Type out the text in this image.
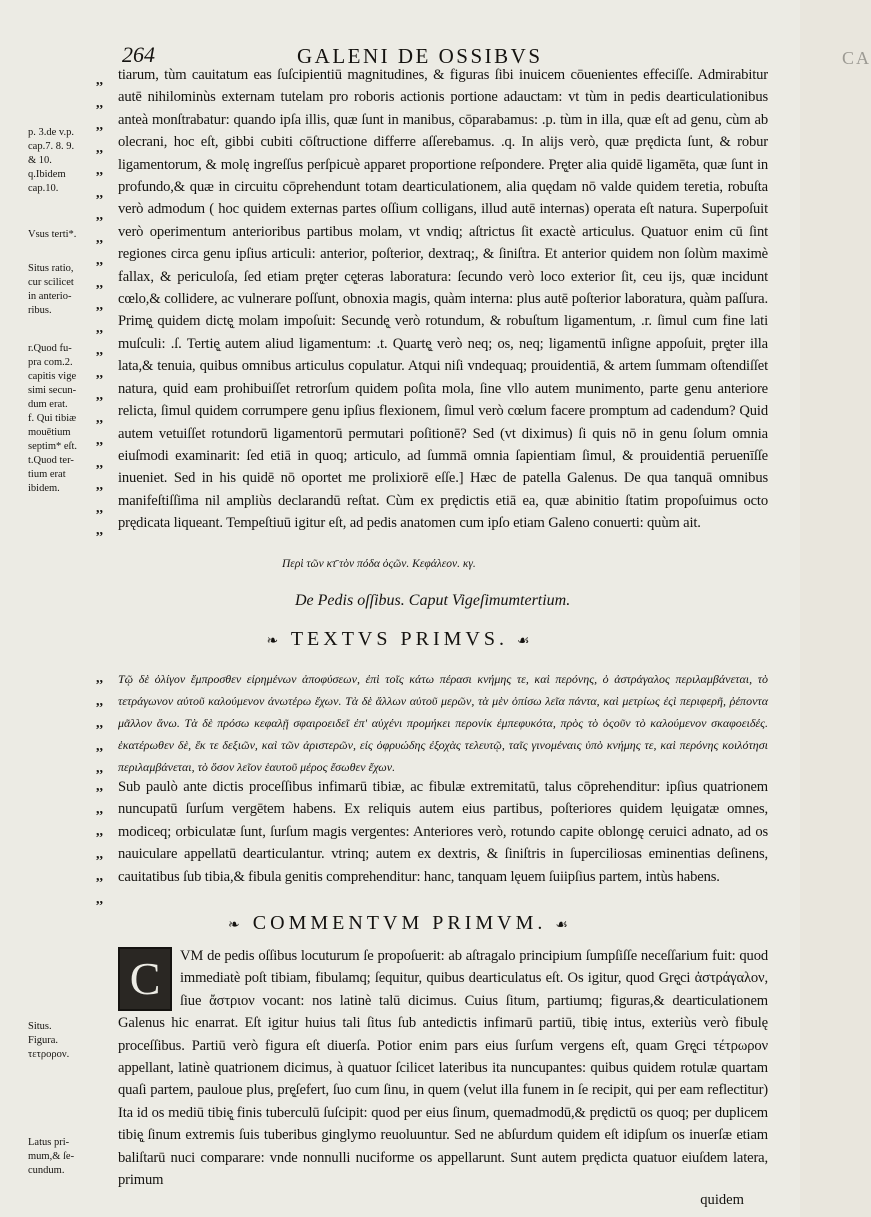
264	GALENI DE OSSIBVS	CA
p. 3.de v.p.
cap.7. 8. 9.
& 10.
q.Ibidem
cap.10.
Vsus terti*.
Situs ratio,
cur scilicet
in anterio-
ribus.
r.Quod fu-
pra com.2.
capitis vige
simi secun-
dum erat.
f. Qui tibiæ
mouētium
septim* eſt.
t.Quod ter-
tium erat
ibidem.
Situs.
Figura.
τετρορον.
Latus pri-
mum,& ſe-
cundum.
,,
,,
,,
,,
,,
,,
,,
,,
,,
,,
,,
,,
,,
,,
,,
,,
,,
,,
,,
,,
,,
,,
,,
,,
,,
,,
,,
,,
,,
,,
,,
,,
tiarum, tùm cauitatum eas ſuſcipientiū magnitudines, & figuras ſibi inuicem cōuenientes effeciſſe. Admirabitur autē nihilominùs externam tutelam pro roboris actionis portione adauctam: vt tùm in pedis dearticulationibus anteà monſtrabatur: quando ipſa illis, quæ ſunt in manibus, cōparabamus: .p. tùm in illa, quæ eſt ad genu, cùm ab olecrani, hoc eſt, gibbi cubiti cōſtructione differre aſſerebamus. .q. In alijs verò, quæ prędicta ſunt, & robur ligamentorum, & molę ingreſſus perſpicuè apparet proportione reſpondere. Prę̨ter alia quidē ligamēta, quæ ſunt in profundo,& quæ in circuitu cōprehendunt totam dearticulationem, alia quędam nō valde quidem teretia, robuſta verò admodum ( hoc quidem externas partes oſſium colligans, illud autē internas) operata eſt natura. Superpoſuit verò operimentum anterioribus partibus molam, vt vndiq; aſtrictus ſit exactè articulus. Quatuor enim cū ſint regiones circa genu ipſius articuli: anterior, poſterior, dextraq;, & ſiniſtra. Et anterior quidem non ſolùm maximè fallax, & periculoſa, ſed etiam prę̨ter cę̨teras laboratura: ſecundo verò loco exterior ſit, ceu ijs, quæ incidunt cœlo,& collidere, ac vulnerare poſſunt, obnoxia magis, quàm interna: plus autē poſterior laboratura, quàm paſſura. Primę̨ quidem dictę̨ molam impoſuit: Secundę̨ verò rotundum, & robuſtum ligamentum, .r. ſimul cum fine lati muſculi: .ſ. Tertię̨ autem aliud ligamentum: .t. Quartę̨ verò neq; os, neq; ligamentū inſigne appoſuit, prę̨ter illa lata,& tenuia, quibus omnibus articulus copulatur. Atqui niſi vndequaq; prouidentiā, & artem ſummam oſtendiſſet natura, quid eam prohibuiſſet retrorſum quidem poſita mola, ſine vllo autem munimento, parte genu anteriore relicta, ſimul quidem corrumpere genu ipſius flexionem, ſimul verò cœlum facere promptum ad cadendum? Quid autem vetuiſſet rotundorū ligamentorū permutari poſitionē? Sed (vt diximus) ſi quis nō in genu ſolum omnia eiuſmodi examinarit: ſed etiā in quoq; articulo, ad ſummā omnia ſapientiam ſimul, & prouidentiā peruenīſſe inueniet. Sed in his quidē nō oportet me prolixiorē eſſe.] Hæc de patella Galenus. De qua tanquā omnibus manifeſtiſſima nil ampliùs declarandū reſtat. Cùm ex prędictis etiā ea, quæ abinitio ſtatim propoſuimus octo prędicata liqueant. Tempeſtiuū igitur eſt, ad pedis anatomen cum ipſo etiam Galeno conuerti: quùm ait.
Περὶ τῶν κτ̄ τὸν πόδα ὀςῶν. Κεφάλεον. κγ.
De Pedis oſſibus. Caput Vigeſimumtertium.
❧ TEXTVS PRIMVS. ☙
Τῷ δὲ ὀλίγον ἔμπροσθεν εἰρημένων ἀποφύσεων, ἐπὶ τοῖς κάτω πέρασι κνήμης τε, καὶ περόνης, ὁ ἀστράγαλος περιλαμβάνεται, τὸ τετράγωνον αὐτοῦ καλούμενον ἀνωτέρω ἔχων. Τὰ δὲ ἄλλων αὐτοῦ μερῶν, τὰ μὲν ὀπίσω λεῖα πάντα, καὶ μετρίως ἐςὶ περιφερῆ, ῥέποντα μᾶλλον ἄνω. Τὰ δὲ πρόσω κεφαλῇ σφαιροειδεῖ ἐπ' αὐχένι προμήκει περονίκ ἐμπεφυκότα, πρὸς τὸ ὀςοῦν τὸ καλούμενον σκαφοειδές. ἑκατέρωθεν δὲ, ἔκ τε δεξιῶν, καὶ τῶν ἀριστερῶν, εἰς ὀφρυώδης ἐξοχὰς τελευτῷ, ταῖς γινομέναις ὑπὸ κνήμης τε, καὶ περόνης κοιλότησι περιλαμβάνεται, τὸ ὅσον λεῖον ἑαυτοῦ μέρος ἔσωθεν ἔχων.
Sub paulò ante dictis proceſſibus infimarū tibiæ, ac fibulæ extremitatū, talus cōprehenditur: ipſius quatrionem nuncupatū ſurſum vergētem habens. Ex reliquis autem eius partibus, poſteriores quidem lęuigatæ omnes, modiceq; orbiculatæ ſunt, ſurſum magis vergentes: Anteriores verò, rotundo capite oblongę ceruici adnato, ad os nauiculare appellatū dearticulantur. vtrinq; autem ex dextris, & ſiniſtris in ſuperciliosas eminentias deſinens, cauitatibus ſub tibia,& fibula genitis comprehenditur: hanc, tanquam lęuem ſuiipſius partem, intùs habens.
❧ COMMENTVM PRIMVM. ☙
C	VM de pedis oſſibus locuturum ſe propoſuerit: ab aſtragalo principium ſumpſiſſe neceſſarium fuit: quod immediatè poſt tibiam, fibulamq; ſequitur, quibus dearticulatus eſt. Os igitur, quod Grę̨ci ἀστράγαλον, ſiue ἄστριον vocant: nos latinè talū dicimus. Cuius ſitum, partiumq; figuras,& dearticulationem Galenus hic enarrat. Eſt igitur huius tali ſitus ſub antedictis infimarū partiū, tibię intus, exteriùs verò fibulę proceſſibus. Partiū verò figura eſt diuerſa. Potior enim pars eius ſurſum vergens eſt, quam Grę̨ci τέτρωρον appellant, latinè quatrionem dicimus, à quatuor ſcilicet lateribus ita nuncupantes: quibus quidem rotulæ quartam quaſi partem, pauloue plus, prę̨ſefert, ſuo cum ſinu, in quem (velut illa funem in ſe recipit, qui per eam reflectitur) Ita id os mediū tibię̨ finis tuberculū ſuſcipit: quod per eius ſinum, quemadmodū,& prędictū os quoq; per duplicem tibię̨ ſinum extremis ſuis tuberibus ginglymo reuoluuntur. Sed ne abſurdum quidem eſt idipſum os inuerſæ etiam baliſtarū nuci comparare: vnde nonnulli nuciforme os appellarunt. Sunt autem prędicta quatuor eiuſdem latera, primum
quidem
